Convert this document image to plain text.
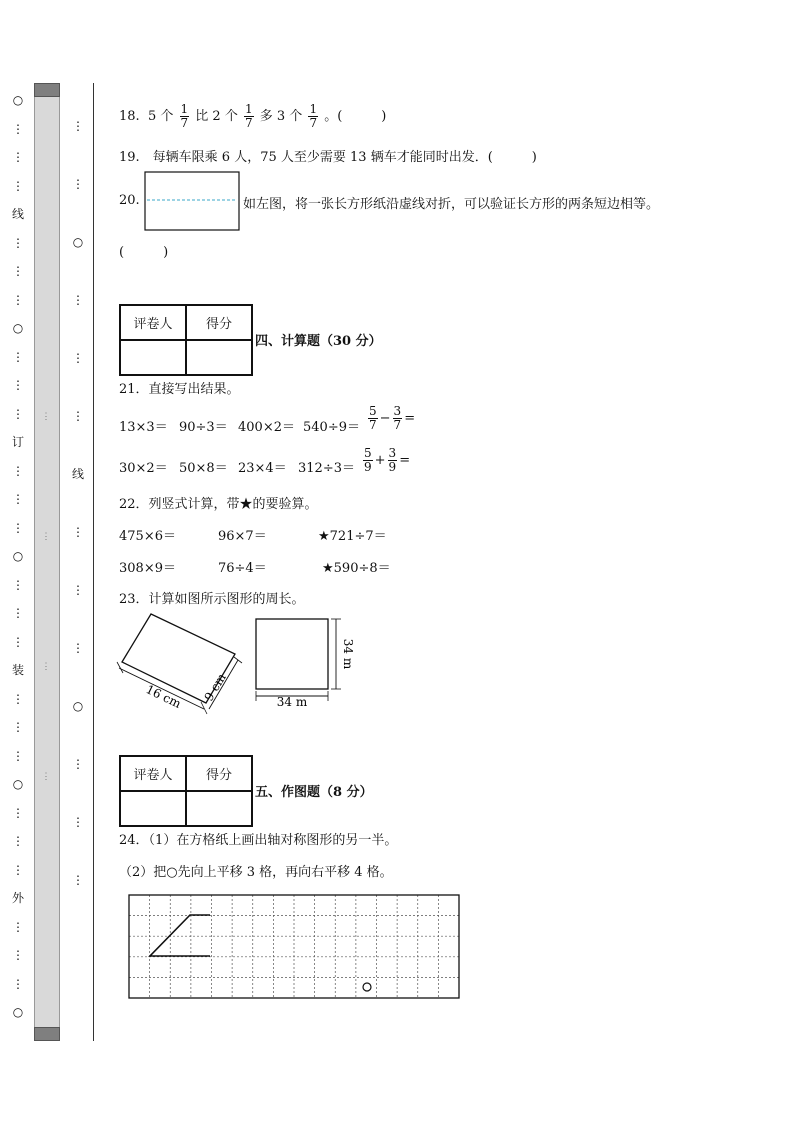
○
⋮
⋮
⋮
线
⋮
⋮
⋮
○
⋮
⋮
⋮
订
⋮
⋮
⋮
○
⋮
⋮
⋮
装
⋮
⋮
⋮
○
⋮
⋮
⋮
外
⋮
⋮
⋮
○
⋮
⋮
⋮
⋮
⋮
⋮
○
⋮
⋮
⋮
线
⋮
⋮
⋮
○
⋮
⋮
⋮
18. 5 个 $\frac{1}{7}$ 比 2 个 $\frac{1}{7}$ 多 3 个 $\frac{1}{7}$ 。(　　　)
19.　每辆车限乘 6 人，75 人至少需要 13 辆车才能同时出发．(　　　)
20.	如左图，将一张长方形纸沿虚线对折，可以验证长方形的两条短边相等。
(　　　)
评卷人	得分

四、计算题（30 分）
21．直接写出结果。
$13\times 3= 90\div 3= 400\times 2= 540\div 9= \frac{5}{7} - \frac{3}{7}$ =
$30\times 2= 50\times 8= 23\times 4= 312\div 3= \frac{5}{9} + \frac{3}{9}$ =
22．列竖式计算，带★的要验算。
475×6＝	96×7＝	★721÷7＝
308×9＝	76÷4＝	★590÷8＝
23．计算如图所示图形的周长。
16 cm 9 cm
34 m
34 m
评卷人	得分

五、作图题（8 分）
24．（1）在方格纸上画出轴对称图形的另一半。
（2）把○先向上平移 3 格，再向右平移 4 格。
